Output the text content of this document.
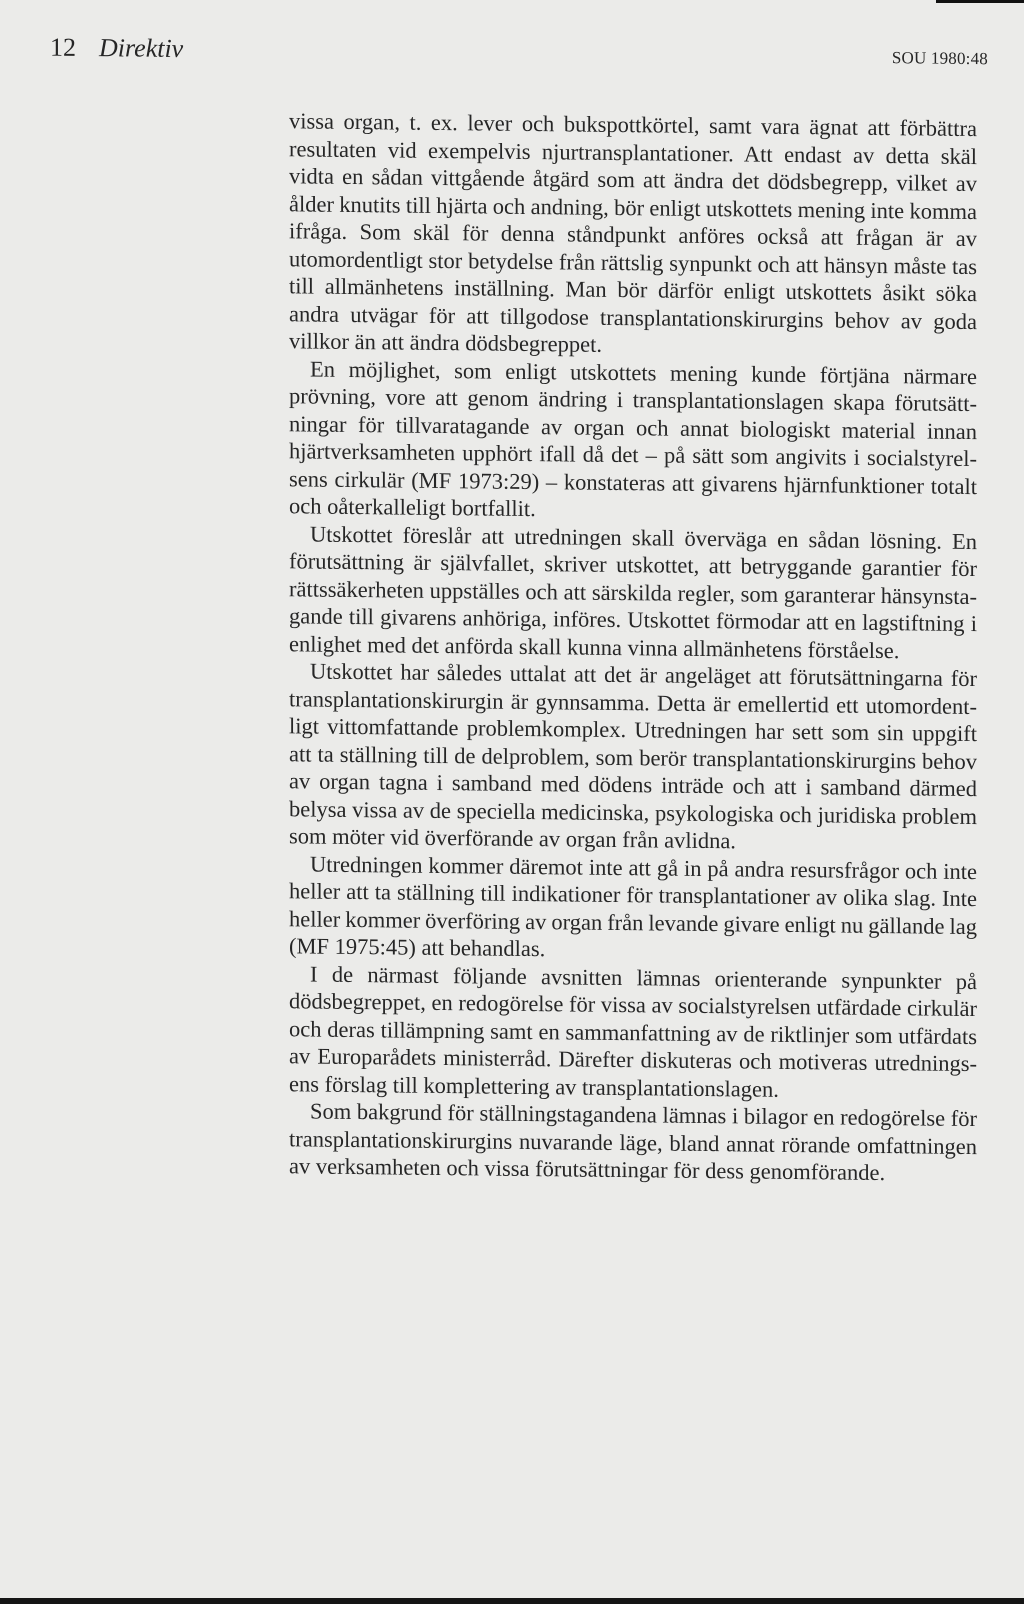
12 Direktiv	SOU 1980:48
vissa organ, t. ex. lever och bukspottkörtel, samt vara ägnat att förbättra
resultaten vid exempelvis njurtransplantationer. Att endast av detta skäl
vidta en sådan vittgående åtgärd som att ändra det dödsbegrepp, vilket av
ålder knutits till hjärta och andning, bör enligt utskottets mening inte komma
ifråga. Som skäl för denna ståndpunkt anföres också att frågan är av
utomordentligt stor betydelse från rättslig synpunkt och att hänsyn måste tas
till allmänhetens inställning. Man bör därför enligt utskottets åsikt söka
andra utvägar för att tillgodose transplantationskirurgins behov av goda
villkor än att ändra dödsbegreppet.
En möjlighet, som enligt utskottets mening kunde förtjäna närmare
prövning, vore att genom ändring i transplantationslagen skapa förutsätt-
ningar för tillvaratagande av organ och annat biologiskt material innan
hjärtverksamheten upphört ifall då det – på sätt som angivits i socialstyrel-
sens cirkulär (MF 1973:29) – konstateras att givarens hjärnfunktioner totalt
och oåterkalleligt bortfallit.
Utskottet föreslår att utredningen skall överväga en sådan lösning. En
förutsättning är självfallet, skriver utskottet, att betryggande garantier för
rättssäkerheten uppställes och att särskilda regler, som garanterar hänsynsta-
gande till givarens anhöriga, införes. Utskottet förmodar att en lagstiftning i
enlighet med det anförda skall kunna vinna allmänhetens förståelse.
Utskottet har således uttalat att det är angeläget att förutsättningarna för
transplantationskirurgin är gynnsamma. Detta är emellertid ett utomordent-
ligt vittomfattande problemkomplex. Utredningen har sett som sin uppgift
att ta ställning till de delproblem, som berör transplantationskirurgins behov
av organ tagna i samband med dödens inträde och att i samband därmed
belysa vissa av de speciella medicinska, psykologiska och juridiska problem
som möter vid överförande av organ från avlidna.
Utredningen kommer däremot inte att gå in på andra resursfrågor och inte
heller att ta ställning till indikationer för transplantationer av olika slag. Inte
heller kommer överföring av organ från levande givare enligt nu gällande lag
(MF 1975:45) att behandlas.
I de närmast följande avsnitten lämnas orienterande synpunkter på
dödsbegreppet, en redogörelse för vissa av socialstyrelsen utfärdade cirkulär
och deras tillämpning samt en sammanfattning av de riktlinjer som utfärdats
av Europarådets ministerråd. Därefter diskuteras och motiveras utrednings-
ens förslag till komplettering av transplantationslagen.
Som bakgrund för ställningstagandena lämnas i bilagor en redogörelse för
transplantationskirurgins nuvarande läge, bland annat rörande omfattningen
av verksamheten och vissa förutsättningar för dess genomförande.
